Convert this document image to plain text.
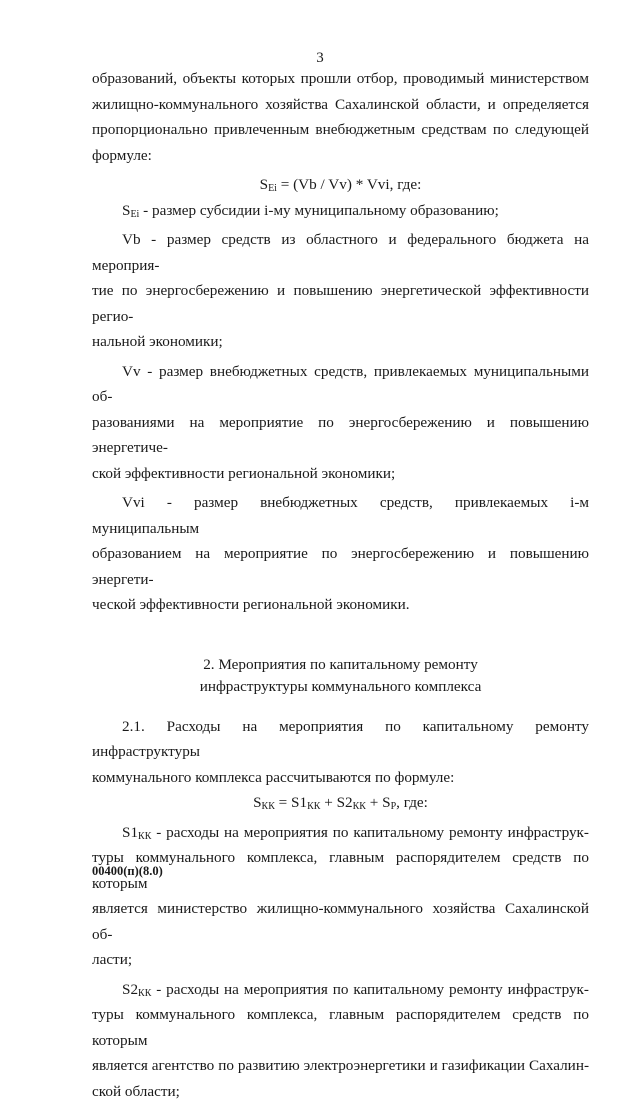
3

образований, объекты которых прошли отбор, проводимый министерством

жилищно-коммунального хозяйства Сахалинской области, и определяется

пропорционально привлеченным внебюджетным средствам по следующей

формуле:

$S_{Ei} = (Vb / Vv)$ * Vvi, где:

$S_{Ei}$ - размер субсидии i-му муниципальному образованию;

Vb - размер средств из областного и федерального бюджета на мероприя-

тие по энергосбережению и повышению энергетической эффективности регио-

нальной экономики;

Vv - размер внебюджетных средств, привлекаемых муниципальными об-

разованиями на мероприятие по энергосбережению и повышению энергетиче-

ской эффективности региональной экономики;

Vvi - размер внебюджетных средств, привлекаемых i-м муниципальным

образованием на мероприятие по энергосбережению и повышению энергети-

ческой эффективности региональной экономики.

2. Мероприятия по капитальному ремонту

инфраструктуры коммунального комплекса

2.1. Расходы на мероприятия по капитальному ремонту инфраструктуры

коммунального комплекса рассчитываются по формуле:

$S_{КК} = S1_{КК} + S2_{КК} + S_Р$, где:

$S1_{КК}$ - расходы на мероприятия по капитальному ремонту инфраструк-

туры коммунального комплекса, главным распорядителем средств по которым

является министерство жилищно-коммунального хозяйства Сахалинской об-

ласти;

$S2_{КК}$ - расходы на мероприятия по капитальному ремонту инфраструк-

туры коммунального комплекса, главным распорядителем средств по которым

является агентство по развитию электроэнергетики и газификации Сахалин-

ской области;

00400(п)(8.0)
